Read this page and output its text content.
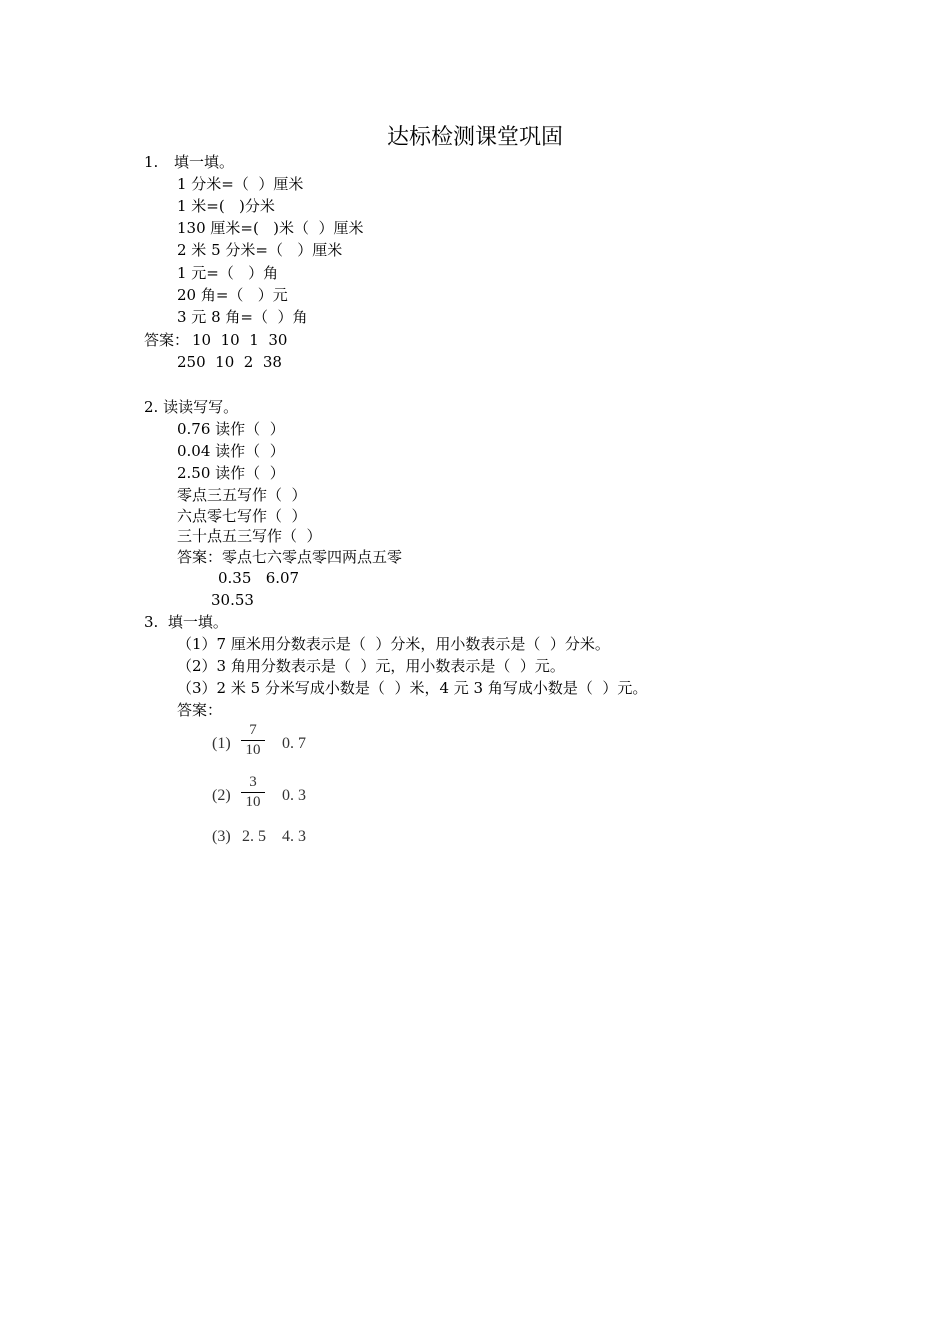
达标检测课堂巩固
1. 填一填。
1 分米=（  ）厘米
1 米=(   )分米
130 厘米=(   )米（  ）厘米
2 米 5 分米=（   ）厘米
1 元=（   ）角
20 角=（   ）元
3 元 8 角=（  ）角
答案： 10  10  1  30
250  10  2  38
2. 读读写写。
0.76 读作（  ）
0.04 读作（  ）
2.50 读作（  ）
零点三五写作（  ）
六点零七写作（  ）
三十点五三写作（  ）
答案：零点七六零点零四两点五零
0.35   6.07
30.53
3.  填一填。
（1）7 厘米用分数表示是（  ）分米，用小数表示是（  ）分米。
（2）3 角用分数表示是（  ）元，用小数表示是（  ）元。
（3）2 米 5 分米写成小数是（  ）米，4 元 3 角写成小数是（  ）元。
答案：
$(1) \frac{7}{10} 0$. 7
$(2) \frac{3}{10} 0$. 3
(3) 2. 5    4. 3
